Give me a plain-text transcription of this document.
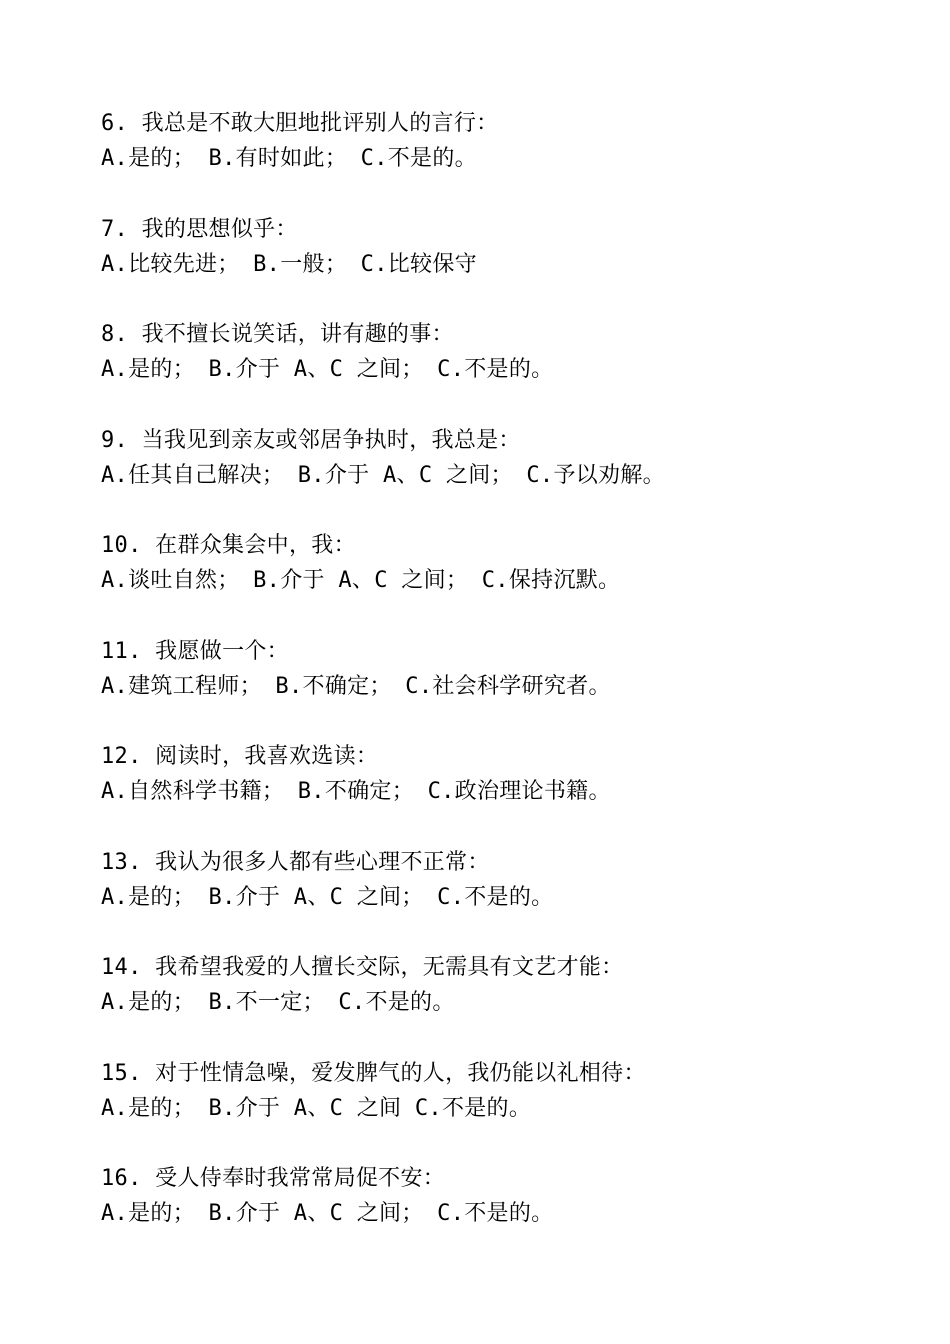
6. 我总是不敢大胆地批评别人的言行：
A.是的； B.有时如此； C.不是的。
7. 我的思想似乎：
A.比较先进； B.一般； C.比较保守
8. 我不擅长说笑话，讲有趣的事：
A.是的； B.介于 A、C 之间； C.不是的。
9. 当我见到亲友或邻居争执时，我总是：
A.任其自己解决； B.介于 A、C 之间； C.予以劝解。
10. 在群众集会中，我：
A.谈吐自然； B.介于 A、C 之间； C.保持沉默。
11. 我愿做一个：
A.建筑工程师； B.不确定； C.社会科学研究者。
12. 阅读时，我喜欢选读：
A.自然科学书籍； B.不确定； C.政治理论书籍。
13. 我认为很多人都有些心理不正常：
A.是的； B.介于 A、C 之间； C.不是的。
14. 我希望我爱的人擅长交际，无需具有文艺才能：
A.是的； B.不一定； C.不是的。
15. 对于性情急噪，爱发脾气的人，我仍能以礼相待：
A.是的； B.介于 A、C 之间 C.不是的。
16. 受人侍奉时我常常局促不安：
A.是的； B.介于 A、C 之间； C.不是的。
